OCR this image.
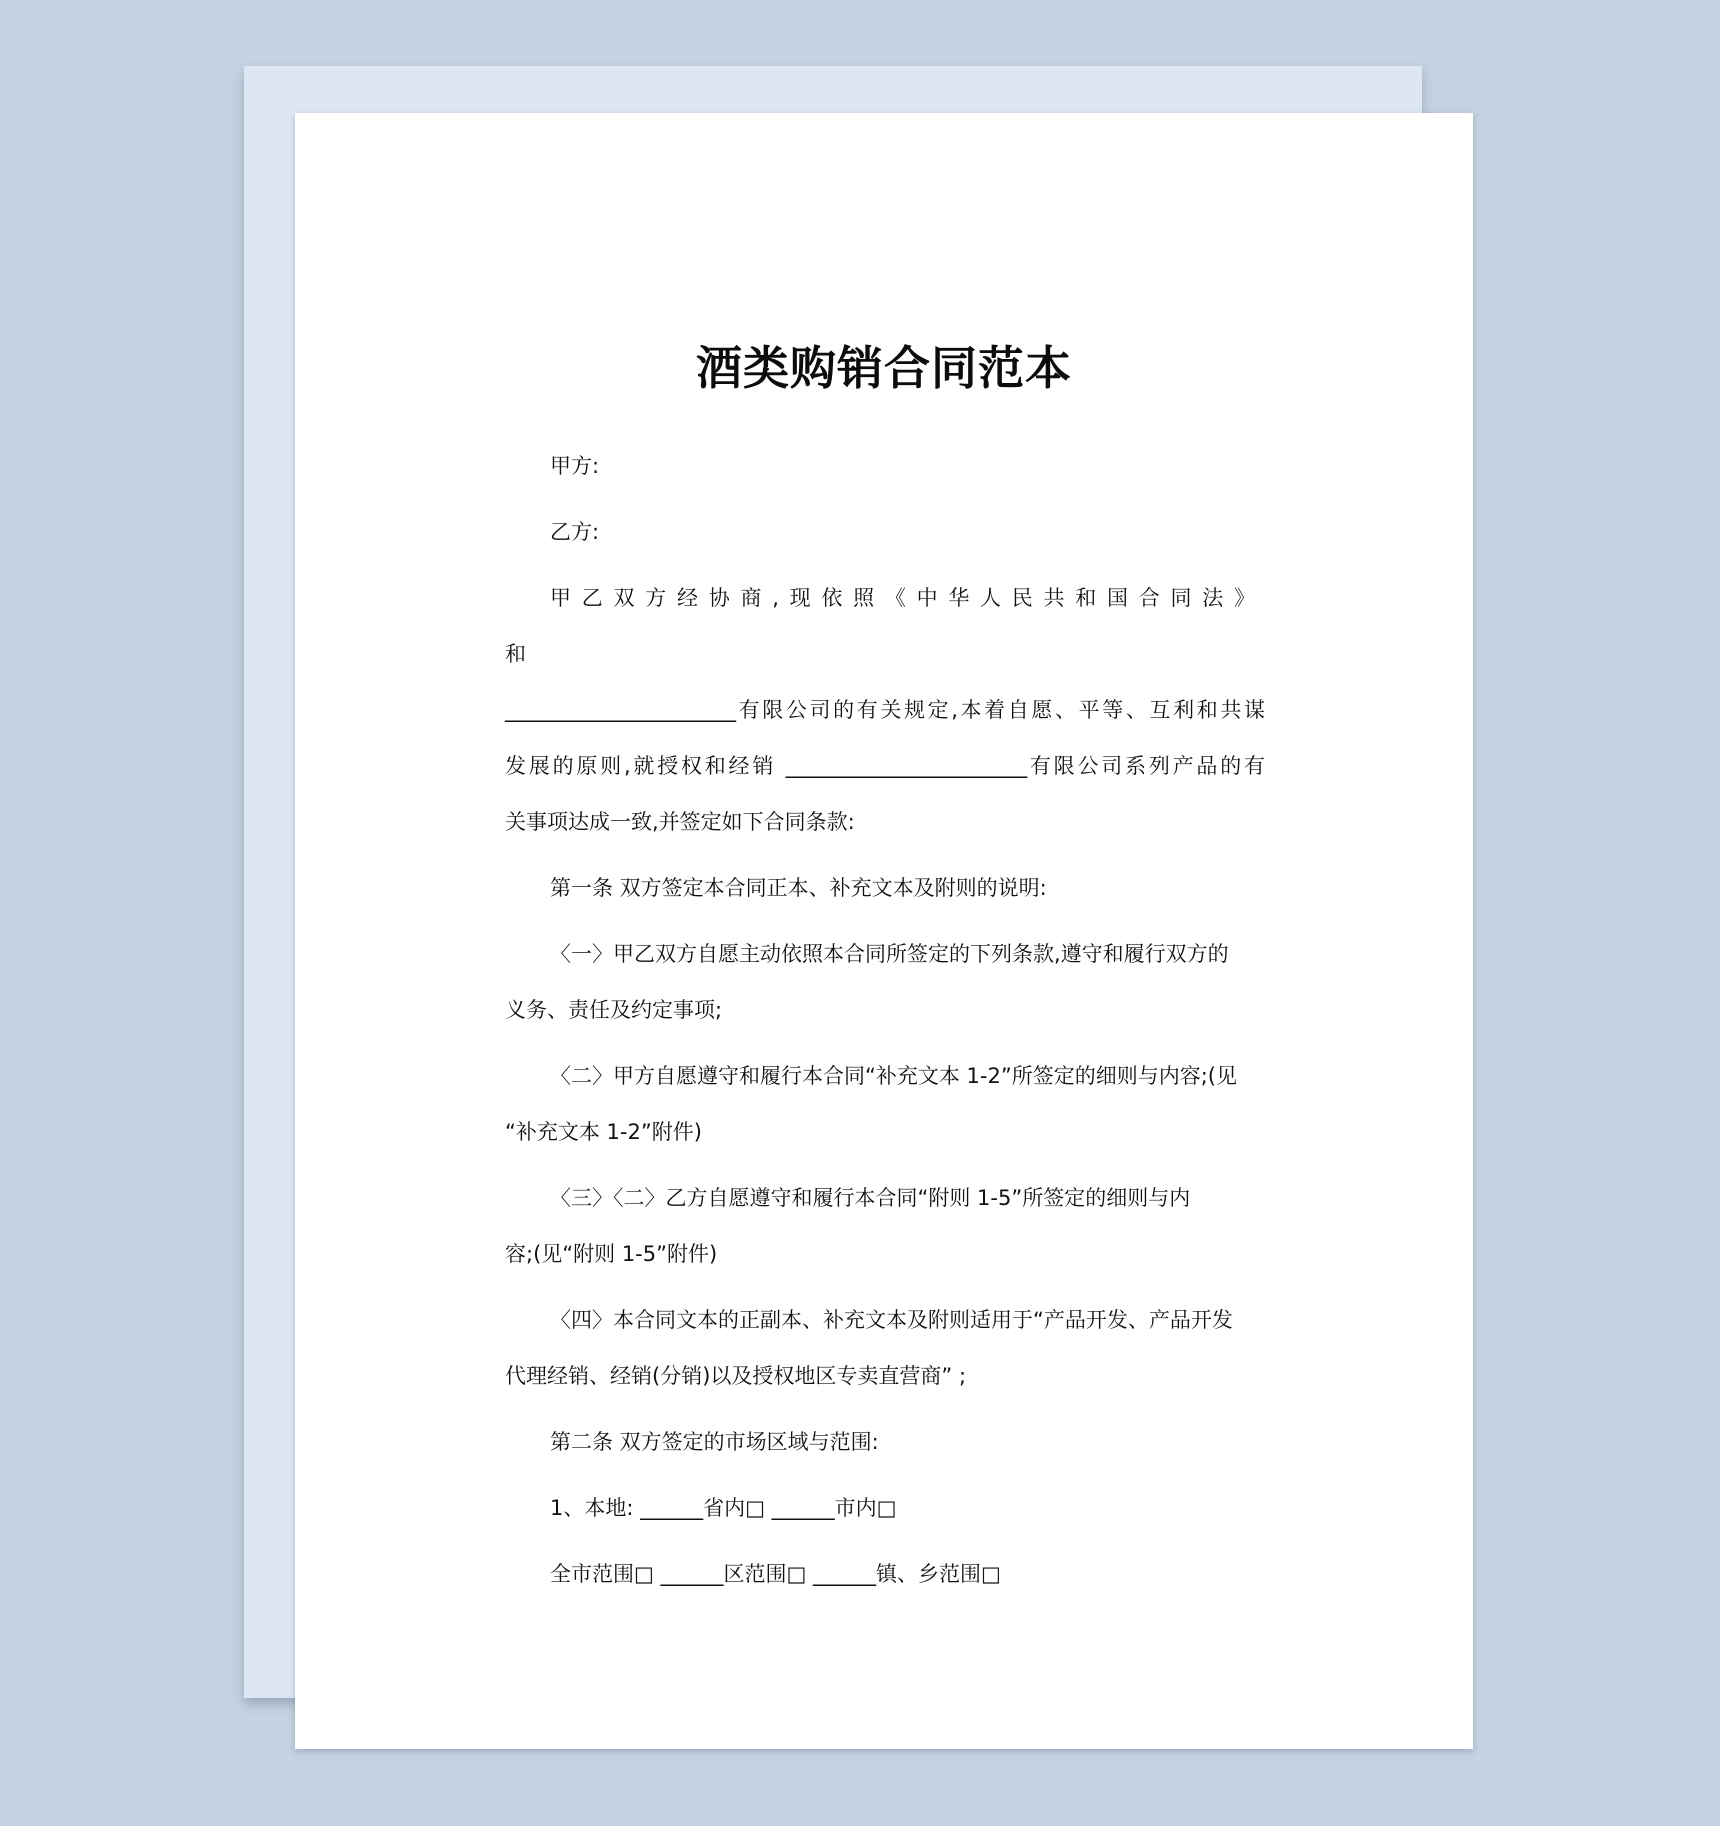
酒类购销合同范本

甲方:

乙方:

甲乙双方经协商,现依照《中华人民共和国合同法》和

______________________有限公司的有关规定,本着自愿、平等、互利和共谋

发展的原则,就授权和经销 _______________________有限公司系列产品的有

关事项达成一致,并签定如下合同条款:

第一条 双方签定本合同正本、补充文本及附则的说明:

〈一〉甲乙双方自愿主动依照本合同所签定的下列条款,遵守和履行双方的

义务、责任及约定事项;

〈二〉甲方自愿遵守和履行本合同“补充文本 1-2”所签定的细则与内容;(见

“补充文本 1-2”附件)

〈三〉〈二〉乙方自愿遵守和履行本合同“附则 1-5”所签定的细则与内

容;(见“附则 1-5”附件)

〈四〉本合同文本的正副本、补充文本及附则适用于“产品开发、产品开发

代理经销、经销(分销)以及授权地区专卖直营商” ;

第二条 双方签定的市场区域与范围:

1、本地: ______省内□ ______市内□

全市范围□ ______区范围□ ______镇、乡范围□
